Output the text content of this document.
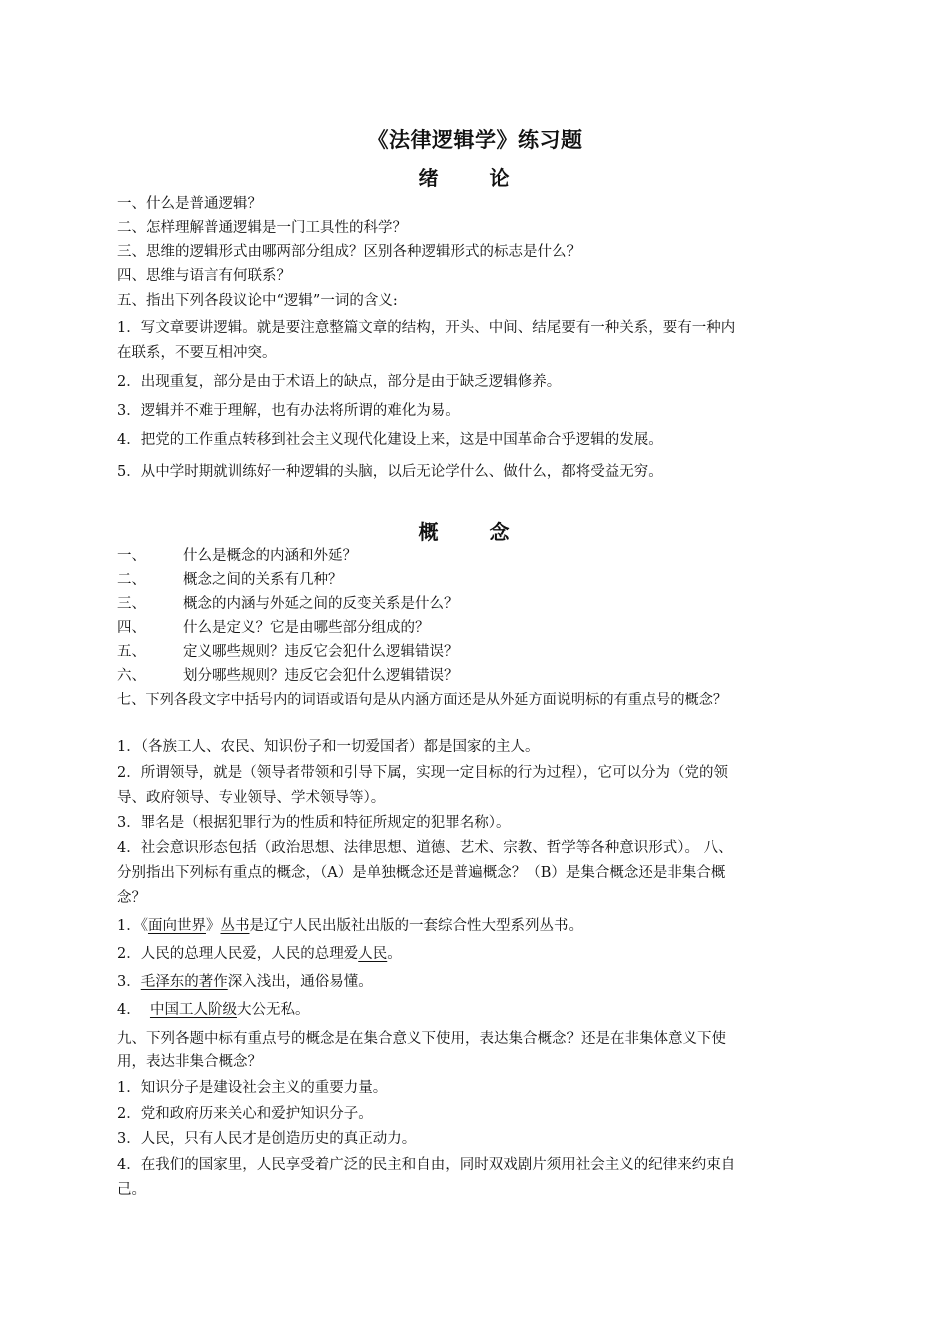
《法律逻辑学》练习题
绪 论
一、什么是普通逻辑？
二、怎样理解普通逻辑是一门工具性的科学？
三、思维的逻辑形式由哪两部分组成？区别各种逻辑形式的标志是什么？
四、思维与语言有何联系？
五、指出下列各段议论中“逻辑”一词的含义:
1．写文章要讲逻辑。就是要注意整篇文章的结构，开头、中间、结尾要有一种关系，要有一种内
在联系，不要互相冲突。
2．出现重复，部分是由于术语上的缺点，部分是由于缺乏逻辑修养。
3．逻辑并不难于理解，也有办法将所谓的难化为易。
4．把党的工作重点转移到社会主义现代化建设上来，这是中国革命合乎逻辑的发展。
5．从中学时期就训练好一种逻辑的头脑，以后无论学什么、做什么，都将受益无穷。
概 念
一、	什么是概念的内涵和外延？
二、	概念之间的关系有几种？
三、	概念的内涵与外延之间的反变关系是什么？
四、	什么是定义？它是由哪些部分组成的？
五、	定义哪些规则？违反它会犯什么逻辑错误？
六、	划分哪些规则？违反它会犯什么逻辑错误？
七、下列各段文字中括号内的词语或语句是从内涵方面还是从外延方面说明标的有重点号的概念？
1．（各族工人、农民、知识份子和一切爱国者）都是国家的主人。
2．所谓领导，就是（领导者带领和引导下属，实现一定目标的行为过程），它可以分为（党的领
导、政府领导、专业领导、学术领导等）。
3．罪名是（根据犯罪行为的性质和特征所规定的犯罪名称）。
4．社会意识形态包括（政治思想、法律思想、道德、艺术、宗教、哲学等各种意识形式）。 八、
分别指出下列标有重点的概念，（A）是单独概念还是普遍概念？（B）是集合概念还是非集合概
念？
1．《面向世界》丛书是辽宁人民出版社出版的一套综合性大型系列丛书。
2．人民的总理人民爱，人民的总理爱人民。
3．毛泽东的著作深入浅出，通俗易懂。
4．  中国工人阶级大公无私。
九、下列各题中标有重点号的概念是在集合意义下使用，表达集合概念？还是在非集体意义下使
用，表达非集合概念？
1．知识分子是建设社会主义的重要力量。
2．党和政府历来关心和爱护知识分子。
3．人民，只有人民才是创造历史的真正动力。
4．在我们的国家里，人民享受着广泛的民主和自由，同时双戏剧片须用社会主义的纪律来约束自
己。
